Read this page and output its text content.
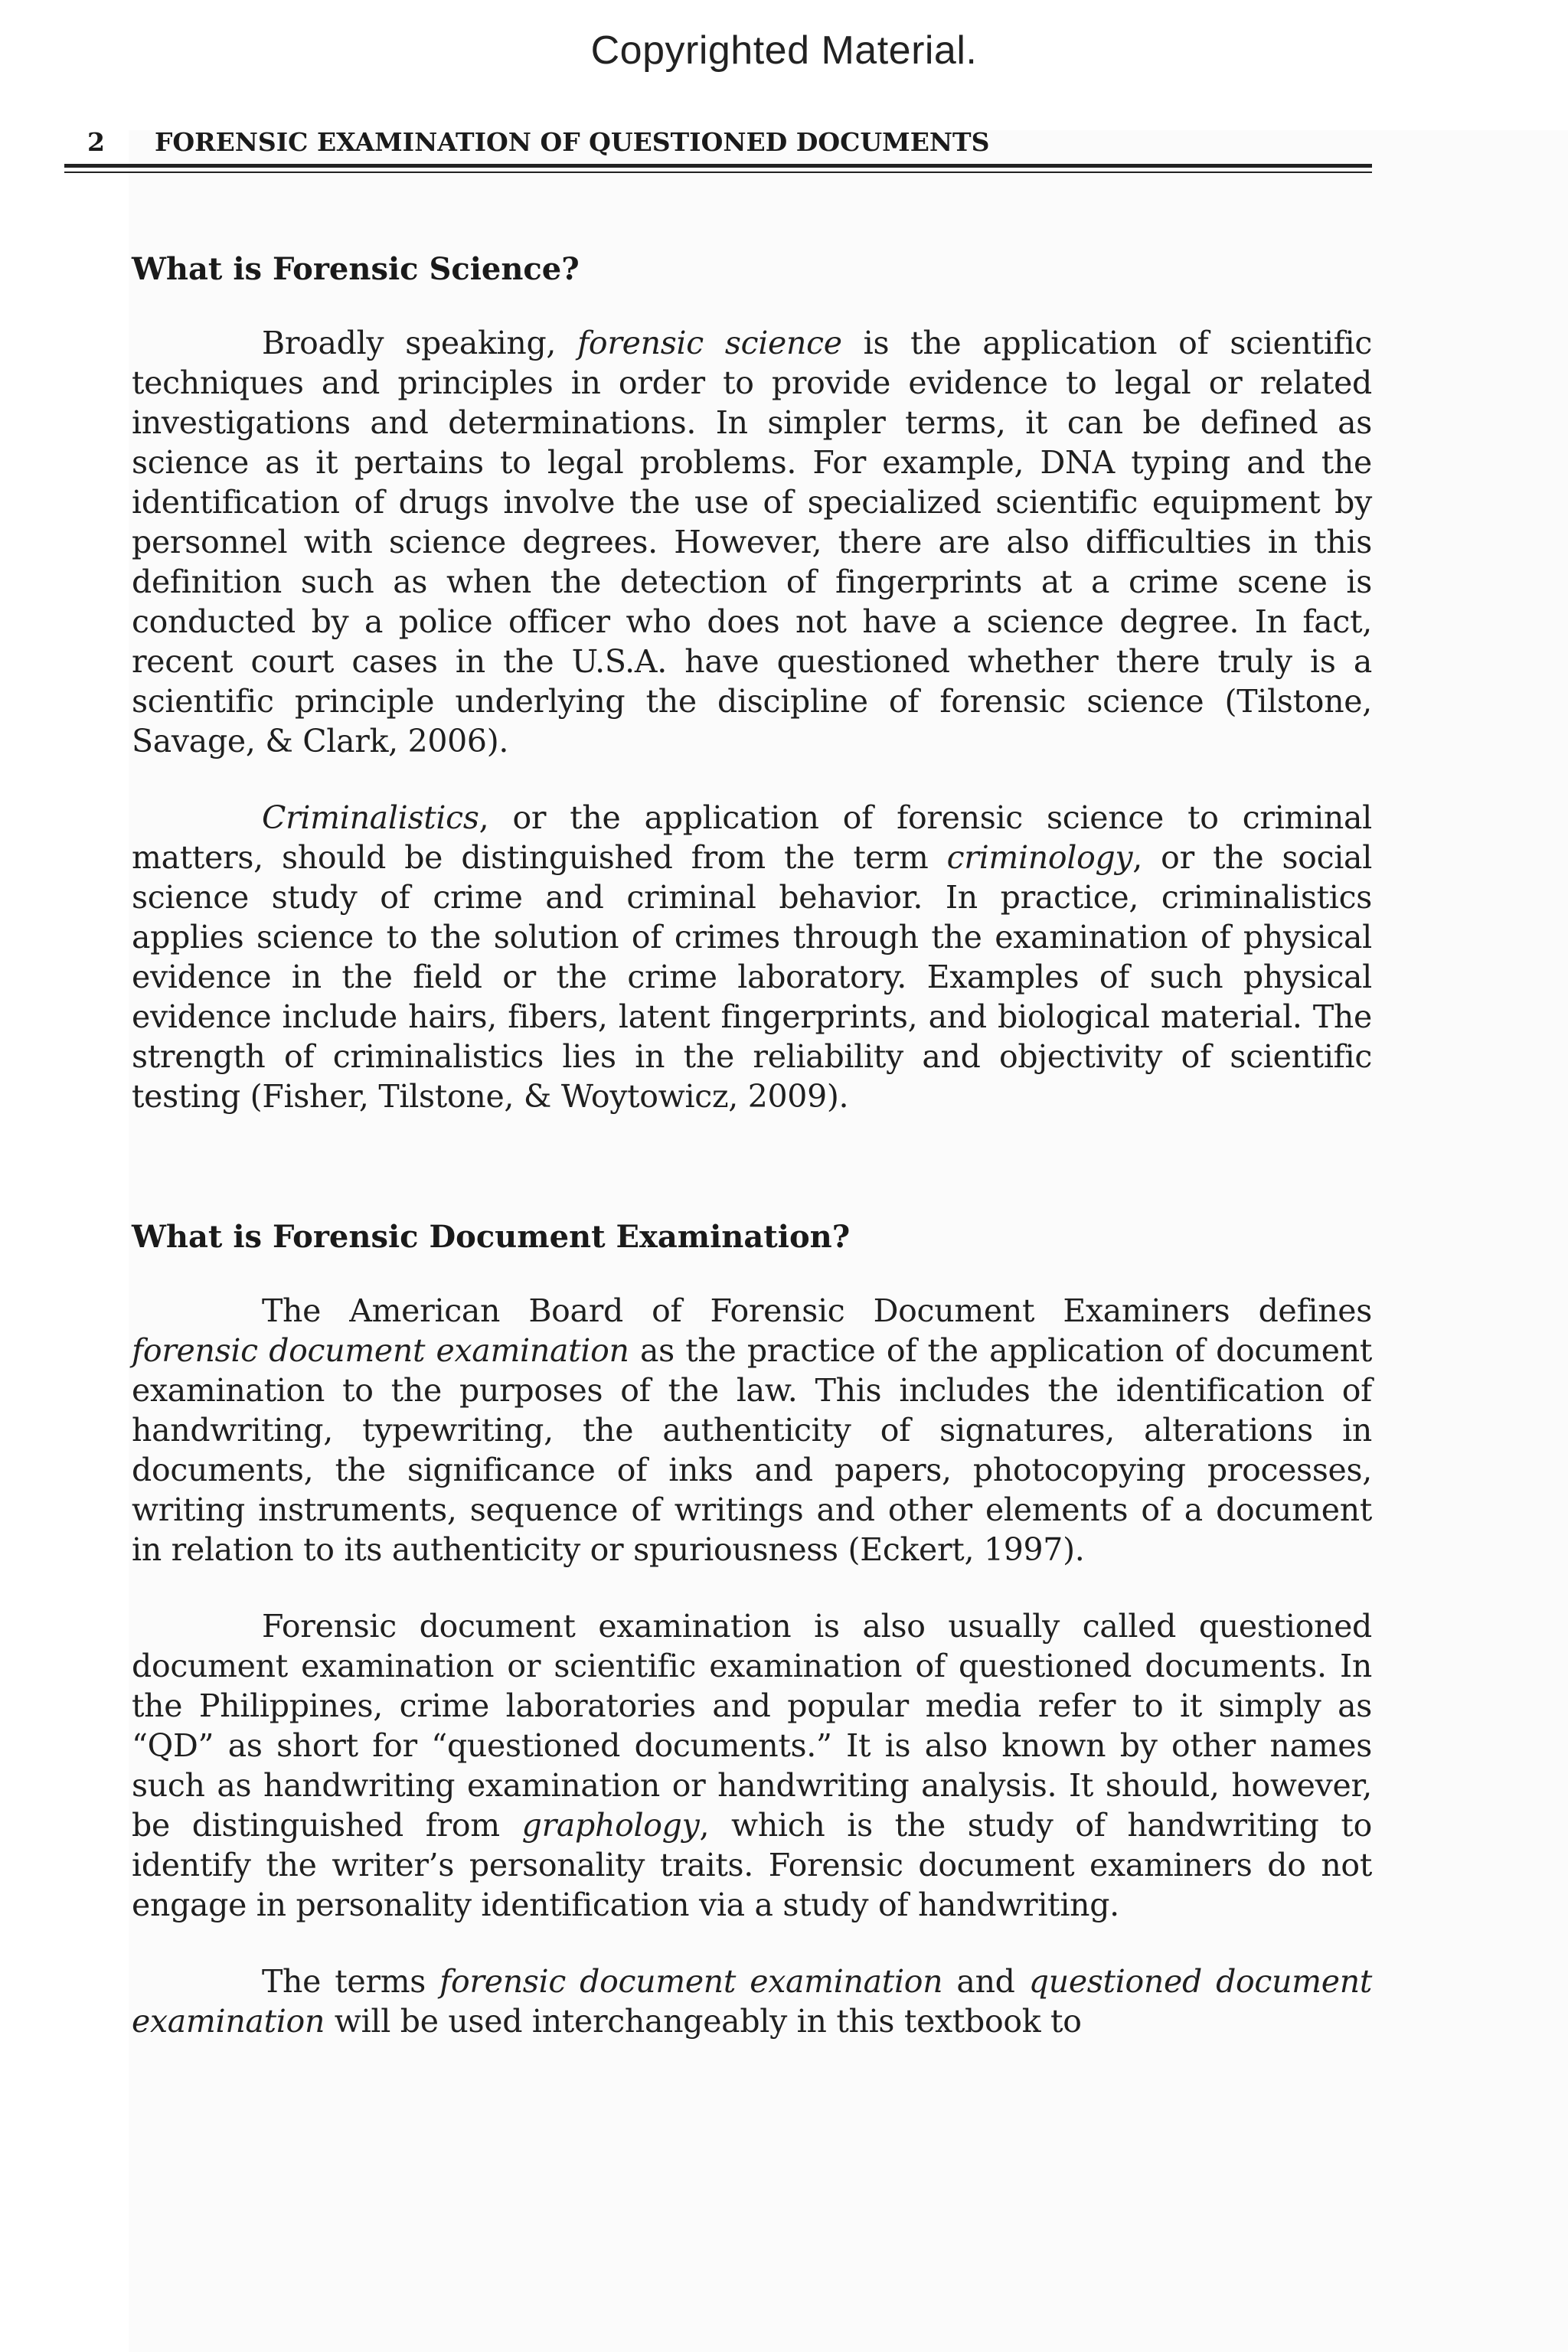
Copyrighted Material.
2 FORENSIC EXAMINATION OF QUESTIONED DOCUMENTS
What is Forensic Science?

Broadly speaking, forensic science is the application of scientific techniques and principles in order to provide evidence to legal or related investigations and determinations. In simpler terms, it can be defined as science as it pertains to legal problems. For example, DNA typing and the identification of drugs involve the use of specialized scientific equipment by personnel with science degrees. However, there are also difficulties in this definition such as when the detection of fingerprints at a crime scene is conducted by a police officer who does not have a science degree. In fact, recent court cases in the U.S.A. have questioned whether there truly is a scientific principle underlying the discipline of forensic science (Tilstone, Savage, & Clark, 2006).

Criminalistics, or the application of forensic science to criminal matters, should be distinguished from the term criminology, or the social science study of crime and criminal behavior. In practice, criminalistics applies science to the solution of crimes through the examination of physical evidence in the field or the crime laboratory. Examples of such physical evidence include hairs, fibers, latent fingerprints, and biological material. The strength of criminalistics lies in the reliability and objectivity of scientific testing (Fisher, Tilstone, & Woytowicz, 2009).

What is Forensic Document Examination?

The American Board of Forensic Document Examiners defines forensic document examination as the practice of the application of document examination to the purposes of the law. This includes the identification of handwriting, typewriting, the authenticity of signatures, alterations in documents, the significance of inks and papers, photocopying processes, writing instruments, sequence of writings and other elements of a document in relation to its authenticity or spuriousness (Eckert, 1997).

Forensic document examination is also usually called questioned document examination or scientific examination of questioned documents. In the Philippines, crime laboratories and popular media refer to it simply as “QD” as short for “questioned documents.” It is also known by other names such as handwriting examination or handwriting analysis. It should, however, be distinguished from graphology, which is the study of handwriting to identify the writer’s personality traits. Forensic document examiners do not engage in personality identification via a study of handwriting.

The terms forensic document examination and questioned document examination will be used interchangeably in this textbook to
